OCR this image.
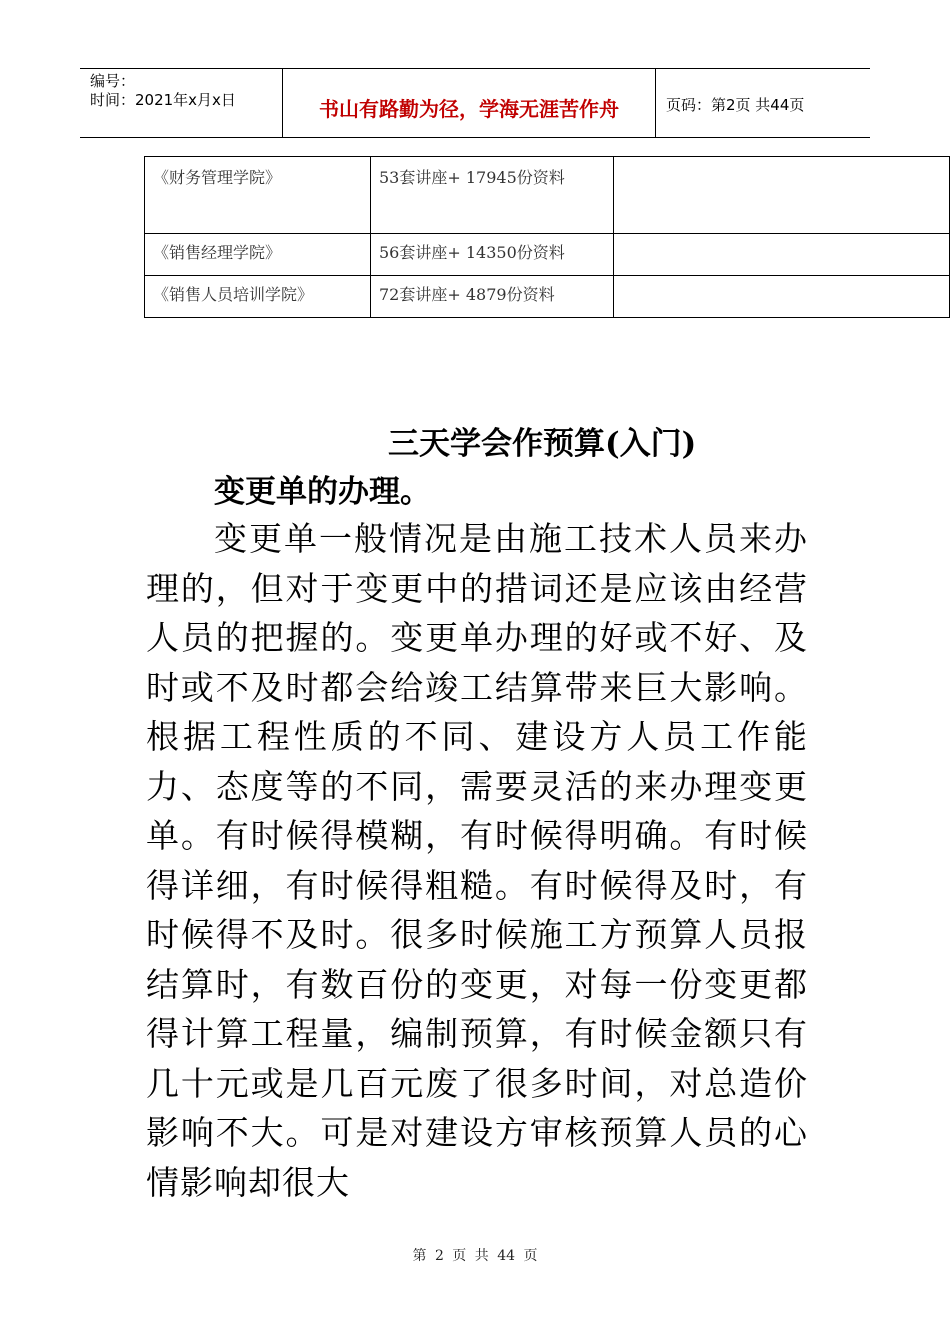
编号：
时间：2021年x月x日	书山有路勤为径，学海无涯苦作舟	页码：第2页 共44页
《财务管理学院》	53套讲座+ 17945份资料	
《销售经理学院》	56套讲座+ 14350份资料	
《销售人员培训学院》	72套讲座+ 4879份资料	
三天学会作预算(入门)
变更单的办理。
变更单一般情况是由施工技术人员来办理的，但对于变更中的措词还是应该由经营人员的把握的。变更单办理的好或不好、及时或不及时都会给竣工结算带来巨大影响。根据工程性质的不同、建设方人员工作能力、态度等的不同，需要灵活的来办理变更单。有时候得模糊，有时候得明确。有时候得详细，有时候得粗糙。有时候得及时，有时候得不及时。很多时候施工方预算人员报结算时，有数百份的变更，对每一份变更都得计算工程量，编制预算，有时候金额只有几十元或是几百元废了很多时间，对总造价影响不大。可是对建设方审核预算人员的心情影响却很大
第 2 页 共 44 页
